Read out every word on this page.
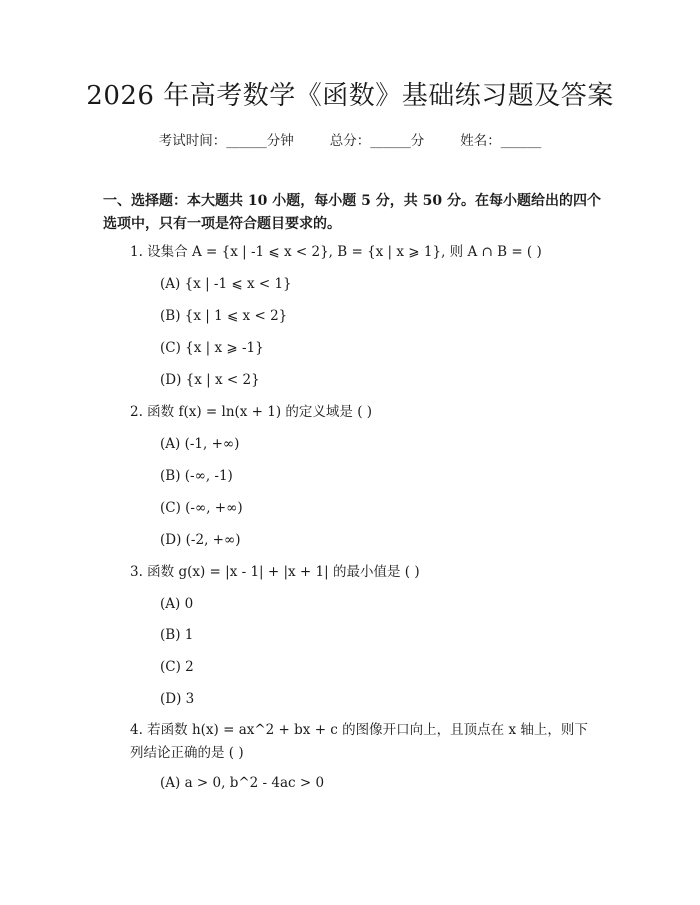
2026 年高考数学《函数》基础练习题及答案
考试时间：______分钟	总分：______分	姓名：______
一、选择题：本大题共 10 小题，每小题 5 分，共 50 分。在每小题给出的四个选项中，只有一项是符合题目要求的。
1. 设集合 A = {x | -1 ⩽ x < 2}, B = {x | x ⩾ 1}, 则 A ∩ B = ( )
(A) {x | -1 ⩽ x < 1}
(B) {x | 1 ⩽ x < 2}
(C) {x | x ⩾ -1}
(D) {x | x < 2}
2. 函数 f(x) = ln(x + 1) 的定义域是 ( )
(A) (-1, +∞)
(B) (-∞, -1)
(C) (-∞, +∞)
(D) (-2, +∞)
3. 函数 g(x) = |x - 1| + |x + 1| 的最小值是 ( )
(A) 0
(B) 1
(C) 2
(D) 3
4. 若函数 h(x) = ax^2 + bx + c 的图像开口向上，且顶点在 x 轴上，则下列结论正确的是 ( )
(A) a > 0, b^2 - 4ac > 0
